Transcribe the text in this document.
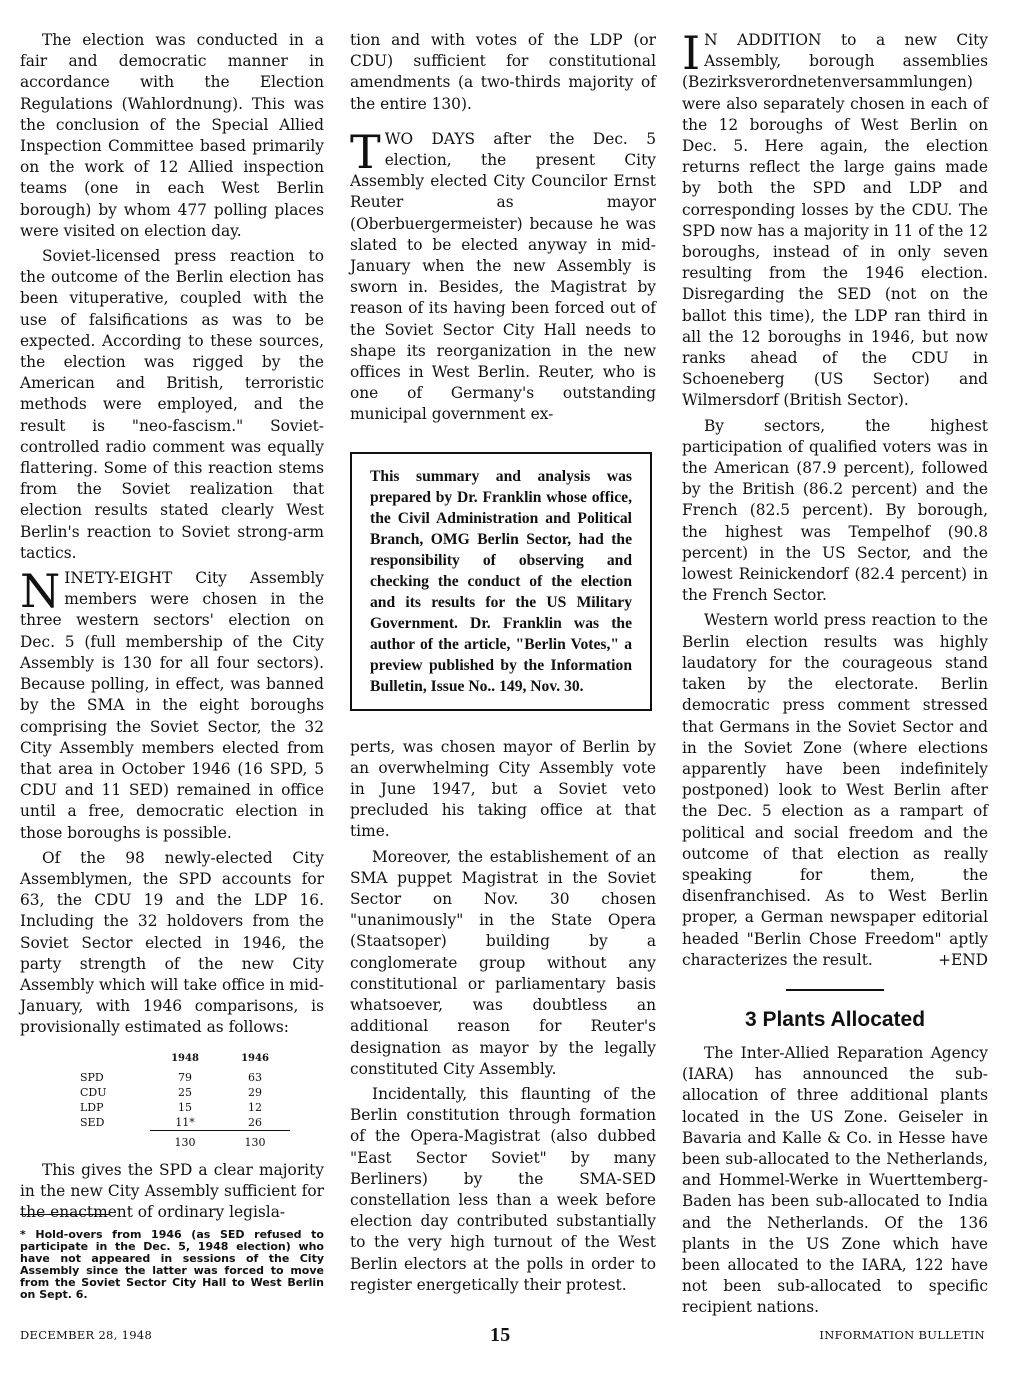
The election was conducted in a fair and democratic manner in accordance with the Election Regulations (Wahlordnung). This was the conclusion of the Special Allied Inspection Committee based primarily on the work of 12 Allied inspection teams (one in each West Berlin borough) by whom 477 polling places were visited on election day.

Soviet-licensed press reaction to the outcome of the Berlin election has been vituperative, coupled with the use of falsifications as was to be expected. According to these sources, the election was rigged by the American and British, terroristic methods were employed, and the result is "neo-fascism." Soviet-controlled radio comment was equally flattering. Some of this reaction stems from the Soviet realization that election results stated clearly West Berlin's reaction to Soviet strong-arm tactics.

NINETY-EIGHT City Assembly members were chosen in the three western sectors' election on Dec. 5 (full membership of the City Assembly is 130 for all four sectors). Because polling, in effect, was banned by the SMA in the eight boroughs comprising the Soviet Sector, the 32 City Assembly members elected from that area in October 1946 (16 SPD, 5 CDU and 11 SED) remained in office until a free, democratic election in those boroughs is possible.

Of the 98 newly-elected City Assemblymen, the SPD accounts for 63, the CDU 19 and the LDP 16. Including the 32 holdovers from the Soviet Sector elected in 1946, the party strength of the new City Assembly which will take office in mid-January, with 1946 comparisons, is provisionally estimated as follows:

	1948	1946
SPD	79	63
CDU	25	29
LDP	15	12
SED	11*	26
	130	130

This gives the SPD a clear majority in the new City Assembly sufficient for the enactment of ordinary legisla-

* Hold-overs from 1946 (as SED refused to participate in the Dec. 5, 1948 election) who have not appeared in sessions of the City Assembly since the latter was forced to move from the Soviet Sector City Hall to West Berlin on Sept. 6.

tion and with votes of the LDP (or CDU) sufficient for constitutional amendments (a two-thirds majority of the entire 130).

TWO DAYS after the Dec. 5 election, the present City Assembly elected City Councilor Ernst Reuter as mayor (Oberbuergermeister) because he was slated to be elected anyway in mid-January when the new Assembly is sworn in. Besides, the Magistrat by reason of its having been forced out of the Soviet Sector City Hall needs to shape its reorganization in the new offices in West Berlin. Reuter, who is one of Germany's outstanding municipal government ex-

This summary and analysis was prepared by Dr. Franklin whose office, the Civil Administration and Political Branch, OMG Berlin Sector, had the responsibility of observing and checking the conduct of the election and its results for the US Military Government. Dr. Franklin was the author of the article, "Berlin Votes," a preview published by the Information Bulletin, Issue No.. 149, Nov. 30.

perts, was chosen mayor of Berlin by an overwhelming City Assembly vote in June 1947, but a Soviet veto precluded his taking office at that time.

Moreover, the establishement of an SMA puppet Magistrat in the Soviet Sector on Nov. 30 chosen "unanimously" in the State Opera (Staatsoper) building by a conglomerate group without any constitutional or parliamentary basis whatsoever, was doubtless an additional reason for Reuter's designation as mayor by the legally constituted City Assembly.

Incidentally, this flaunting of the Berlin constitution through formation of the Opera-Magistrat (also dubbed "East Sector Soviet" by many Berliners) by the SMA-SED constellation less than a week before election day contributed substantially to the very high turnout of the West Berlin electors at the polls in order to register energetically their protest.

I N ADDITION to a new City Assembly, borough assemblies (Bezirksverordnetenversammlungen) were also separately chosen in each of the 12 boroughs of West Berlin on Dec. 5. Here again, the election returns reflect the large gains made by both the SPD and LDP and corresponding losses by the CDU. The SPD now has a majority in 11 of the 12 boroughs, instead of in only seven resulting from the 1946 election. Disregarding the SED (not on the ballot this time), the LDP ran third in all the 12 boroughs in 1946, but now ranks ahead of the CDU in Schoeneberg (US Sector) and Wilmersdorf (British Sector).

By sectors, the highest participation of qualified voters was in the American (87.9 percent), followed by the British (86.2 percent) and the French (82.5 percent). By borough, the highest was Tempelhof (90.8 percent) in the US Sector, and the lowest Reinickendorf (82.4 percent) in the French Sector.

Western world press reaction to the Berlin election results was highly laudatory for the courageous stand taken by the electorate. Berlin democratic press comment stressed that Germans in the Soviet Sector and in the Soviet Zone (where elections apparently have been indefinitely postponed) look to West Berlin after the Dec. 5 election as a rampart of political and social freedom and the outcome of that election as really speaking for them, the disenfranchised. As to West Berlin proper, a German newspaper editorial headed "Berlin Chose Freedom" aptly characterizes the result.	+END

3 Plants Allocated

The Inter-Allied Reparation Agency (IARA) has announced the sub-allocation of three additional plants located in the US Zone. Geiseler in Bavaria and Kalle & Co. in Hesse have been sub-allocated to the Netherlands, and Hommel-Werke in Wuerttemberg-Baden has been sub-allocated to India and the Netherlands. Of the 136 plants in the US Zone which have been allocated to the IARA, 122 have not been sub-allocated to specific recipient nations.

DECEMBER 28, 1948	15	INFORMATION BULLETIN
